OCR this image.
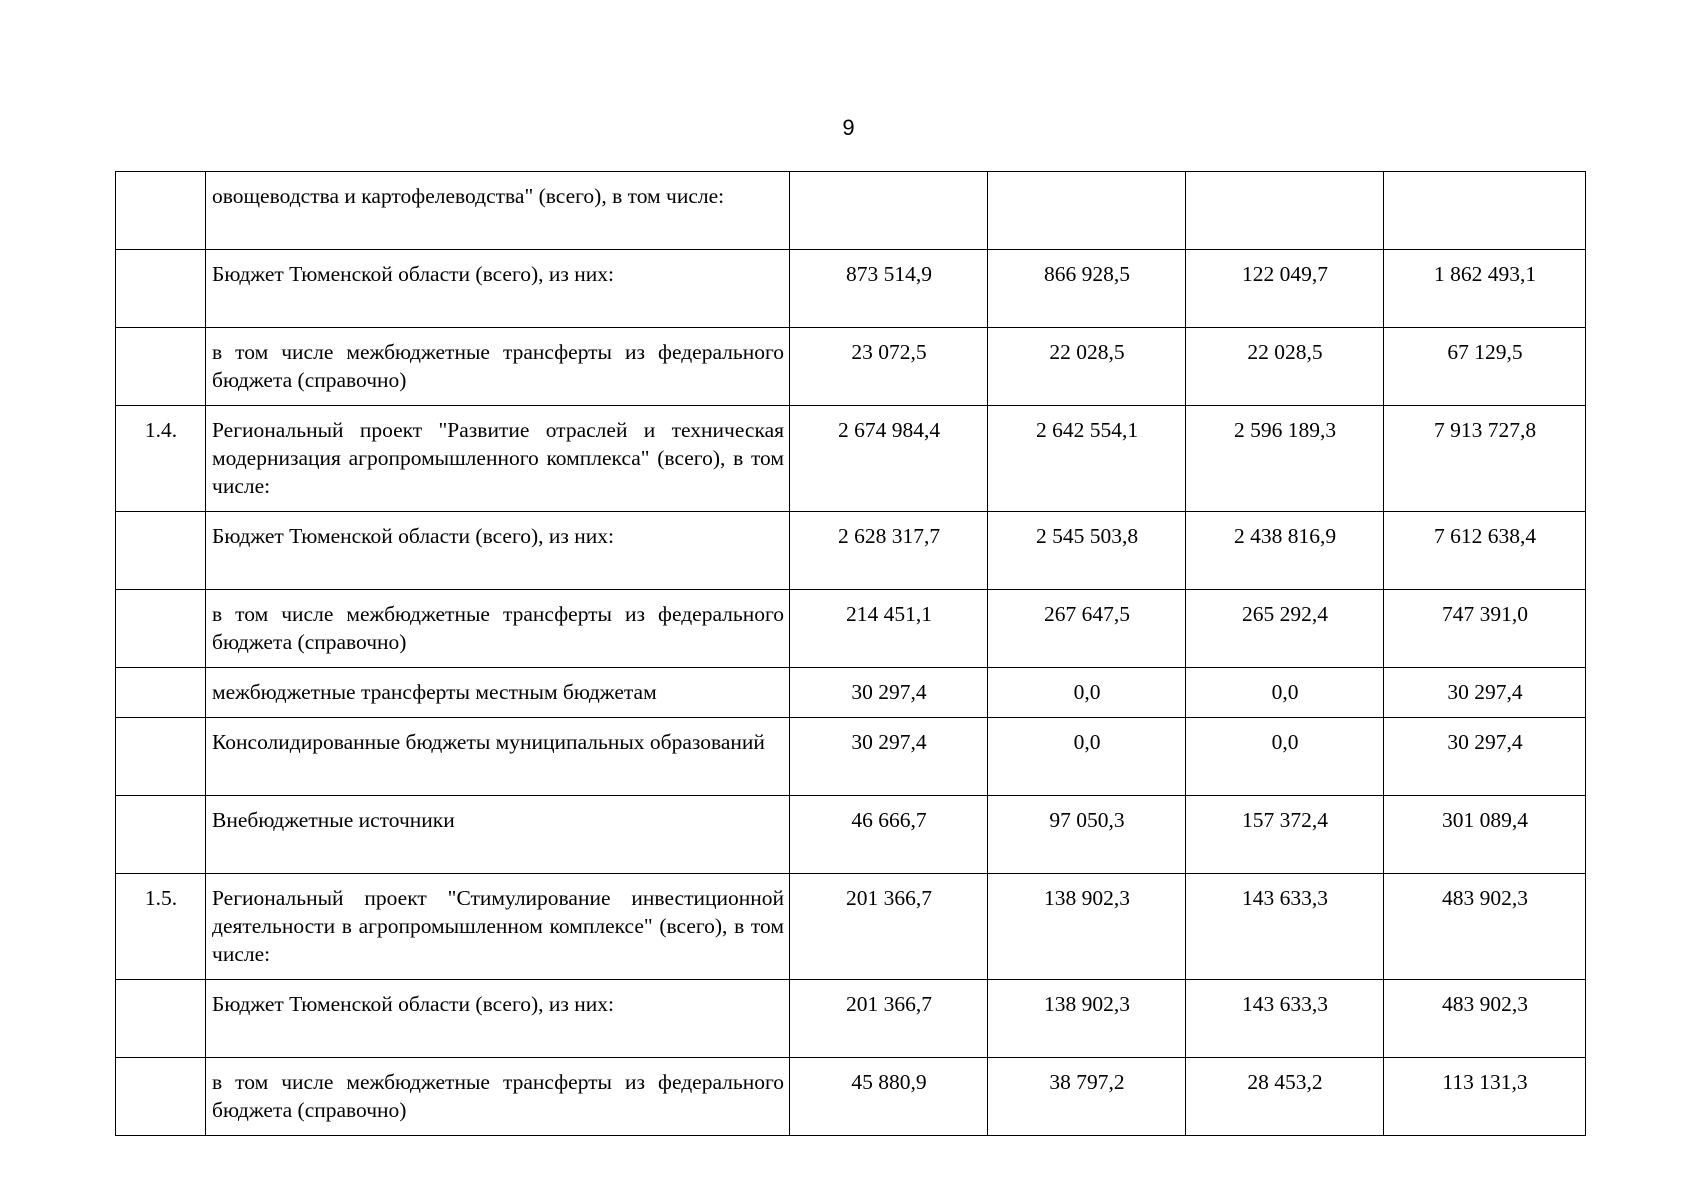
9
	овощеводства и картофелеводства" (всего), в том числе:				
	Бюджет Тюменской области (всего), из них:	873 514,9	866 928,5	122 049,7	1 862 493,1
	в том числе межбюджетные трансферты из федерального бюджета (справочно)	23 072,5	22 028,5	22 028,5	67 129,5
1.4.	Региональный проект "Развитие отраслей и техническая модернизация агропромышленного комплекса" (всего), в том числе:	2 674 984,4	2 642 554,1	2 596 189,3	7 913 727,8
	Бюджет Тюменской области (всего), из них:	2 628 317,7	2 545 503,8	2 438 816,9	7 612 638,4
	в том числе межбюджетные трансферты из федерального бюджета (справочно)	214 451,1	267 647,5	265 292,4	747 391,0
	межбюджетные трансферты местным бюджетам	30 297,4	0,0	0,0	30 297,4
	Консолидированные бюджеты муниципальных образований	30 297,4	0,0	0,0	30 297,4
	Внебюджетные источники	46 666,7	97 050,3	157 372,4	301 089,4
1.5.	Региональный проект "Стимулирование инвестиционной деятельности в агропромышленном комплексе" (всего), в том числе:	201 366,7	138 902,3	143 633,3	483 902,3
	Бюджет Тюменской области (всего), из них:	201 366,7	138 902,3	143 633,3	483 902,3
	в том числе межбюджетные трансферты из федерального бюджета (справочно)	45 880,9	38 797,2	28 453,2	113 131,3
